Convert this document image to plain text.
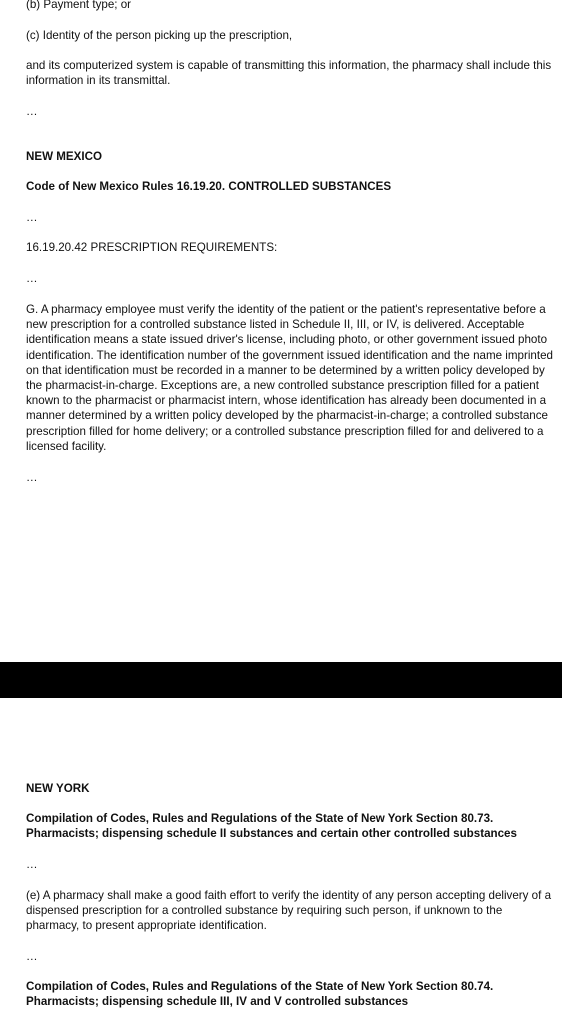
(b) Payment type; or

(c) Identity of the person picking up the prescription,

and its computerized system is capable of transmitting this information, the pharmacy shall include this information in its transmittal.

…

NEW MEXICO

Code of New Mexico Rules 16.19.20. CONTROLLED SUBSTANCES

…

16.19.20.42 PRESCRIPTION REQUIREMENTS:

…

G. A pharmacy employee must verify the identity of the patient or the patient's representative before a new prescription for a controlled substance listed in Schedule II, III, or IV, is delivered. Acceptable identification means a state issued driver's license, including photo, or other government issued photo identification. The identification number of the government issued identification and the name imprinted on that identification must be recorded in a manner to be determined by a written policy developed by the pharmacist-in-charge. Exceptions are, a new controlled substance prescription filled for a patient known to the pharmacist or pharmacist intern, whose identification has already been documented in a manner determined by a written policy developed by the pharmacist-in-charge; a controlled substance prescription filled for home delivery; or a controlled substance prescription filled for and delivered to a licensed facility.

…

NEW YORK

Compilation of Codes, Rules and Regulations of the State of New York Section 80.73. Pharmacists; dispensing schedule II substances and certain other controlled substances

…

(e) A pharmacy shall make a good faith effort to verify the identity of any person accepting delivery of a dispensed prescription for a controlled substance by requiring such person, if unknown to the pharmacy, to present appropriate identification.

…

Compilation of Codes, Rules and Regulations of the State of New York Section 80.74. Pharmacists; dispensing schedule III, IV and V controlled substances
